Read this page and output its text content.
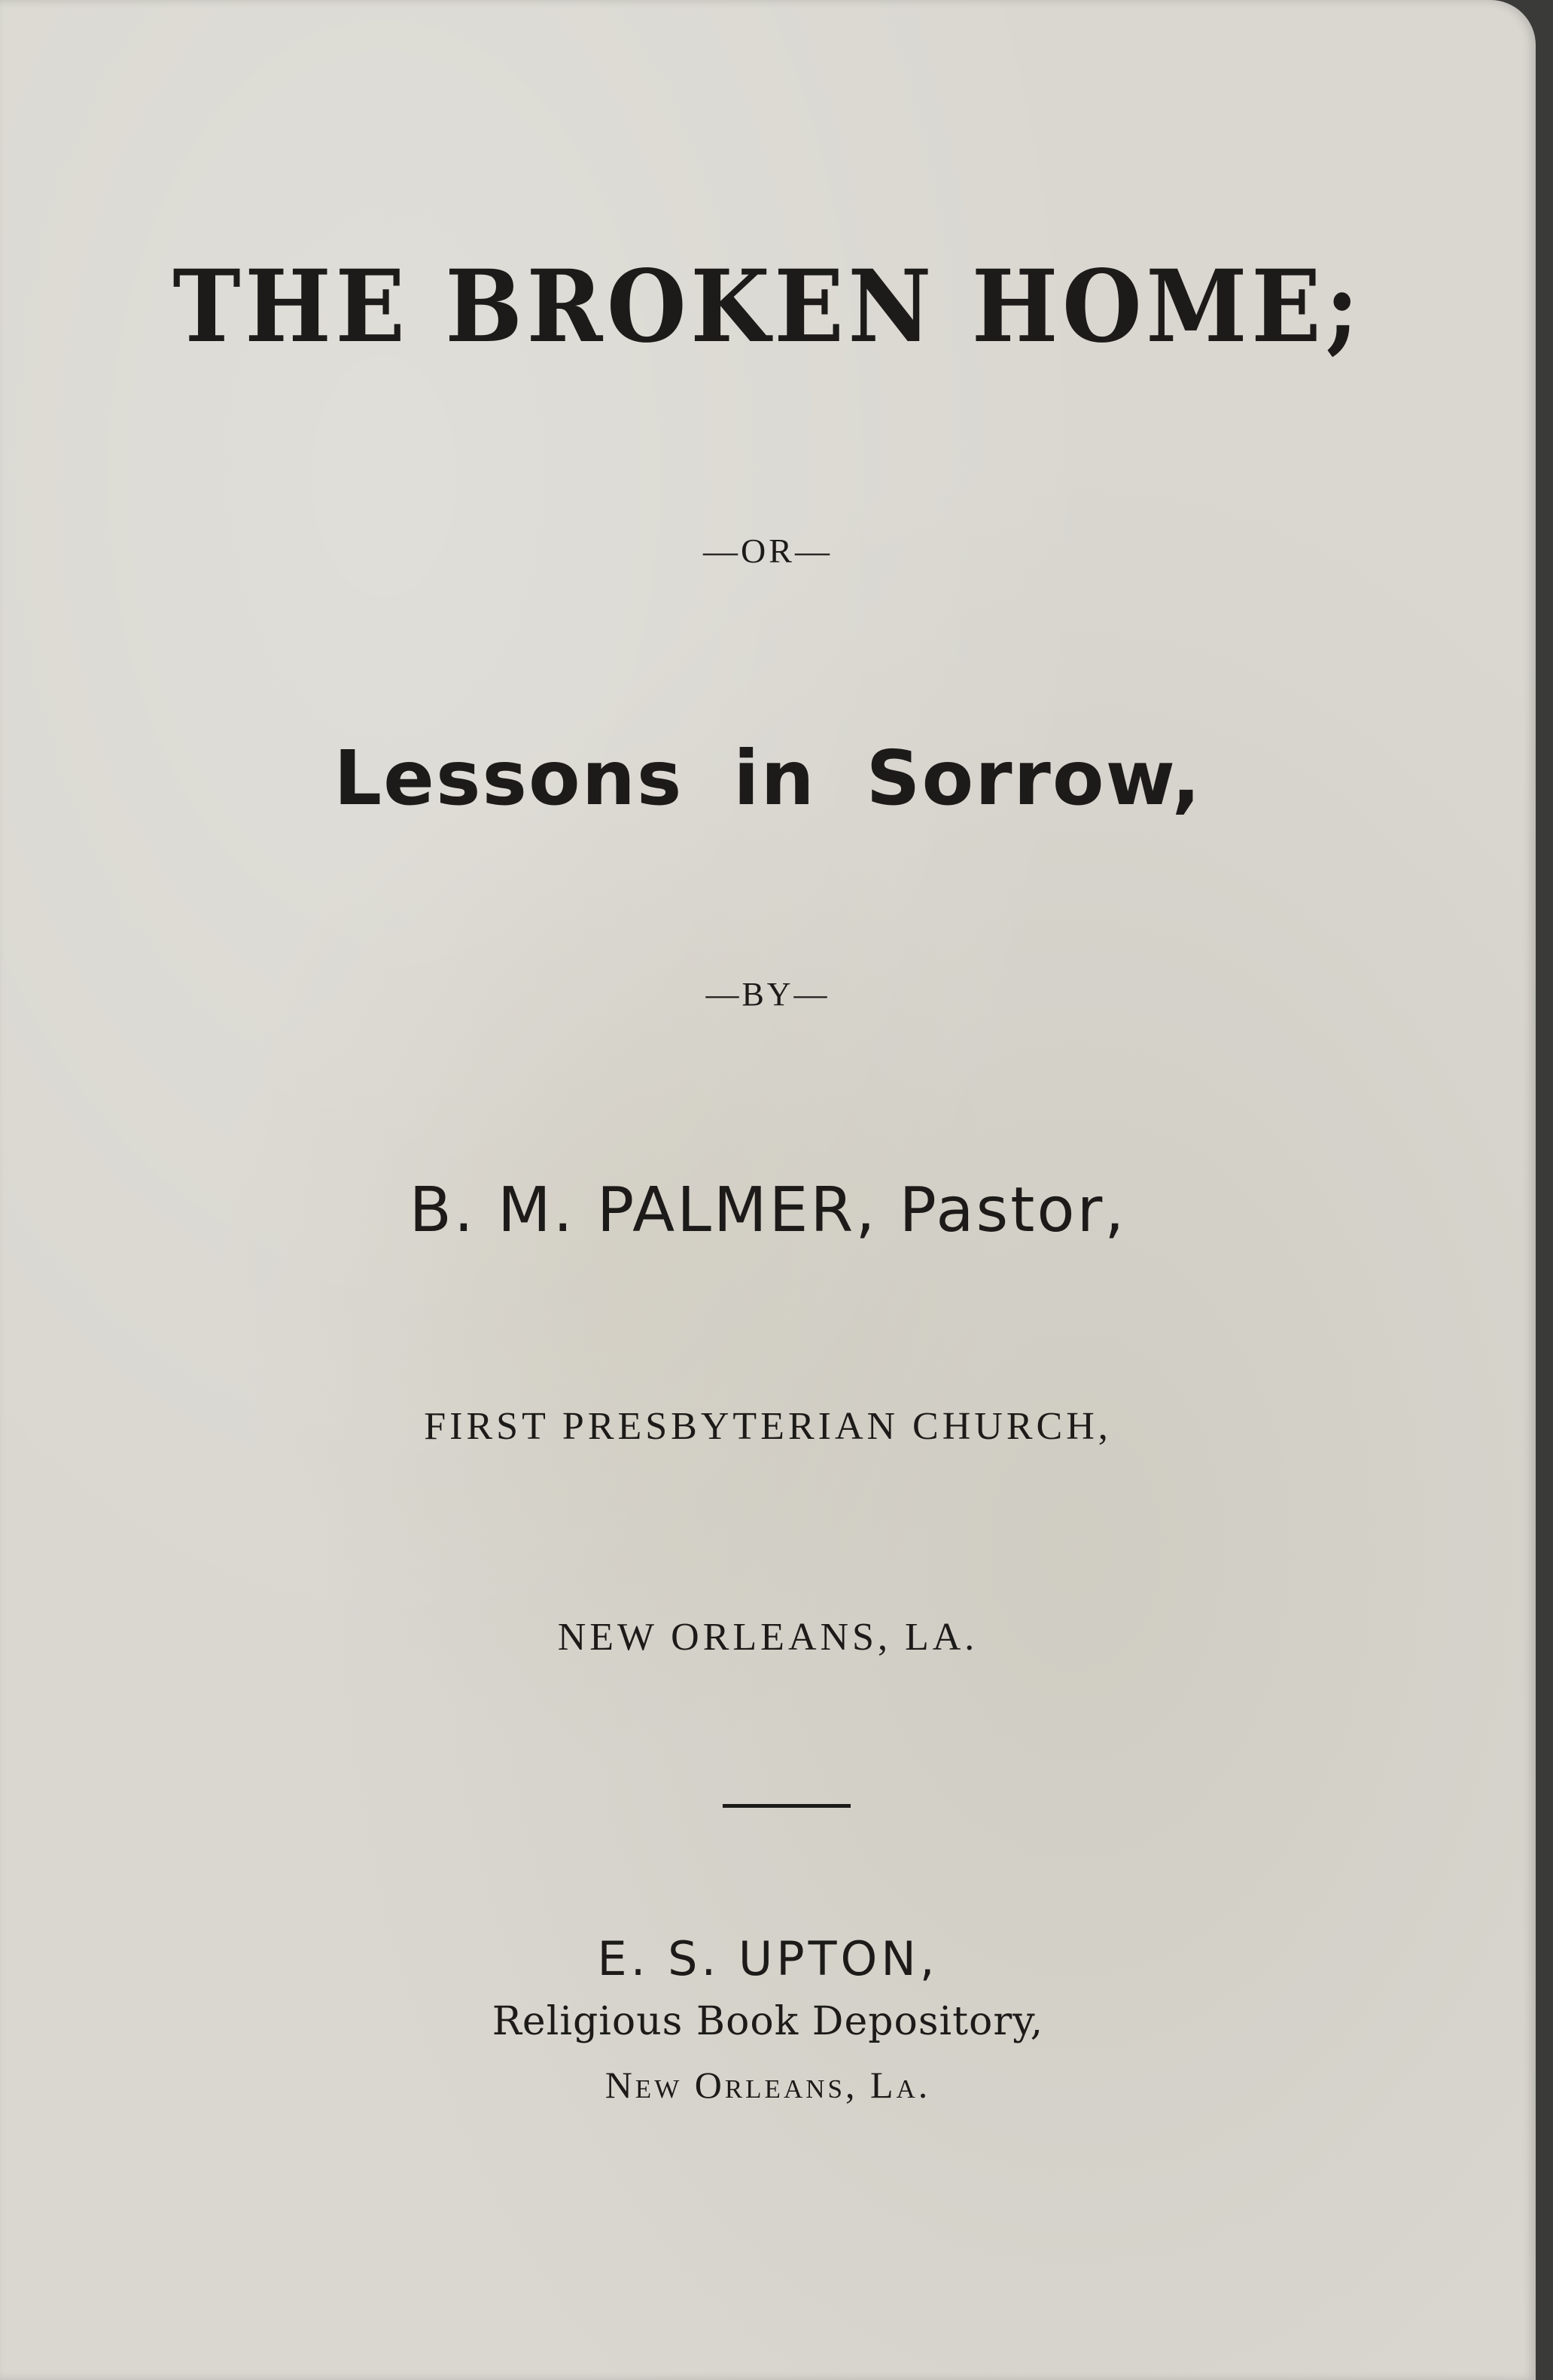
THE BROKEN HOME;

—OR—

Lessons in Sorrow,

—BY—

B. M. PALMER, Pastor,

FIRST PRESBYTERIAN CHURCH,

NEW ORLEANS, LA.

E. S. UPTON,

Religious Book Depository,

New Orleans, La.
